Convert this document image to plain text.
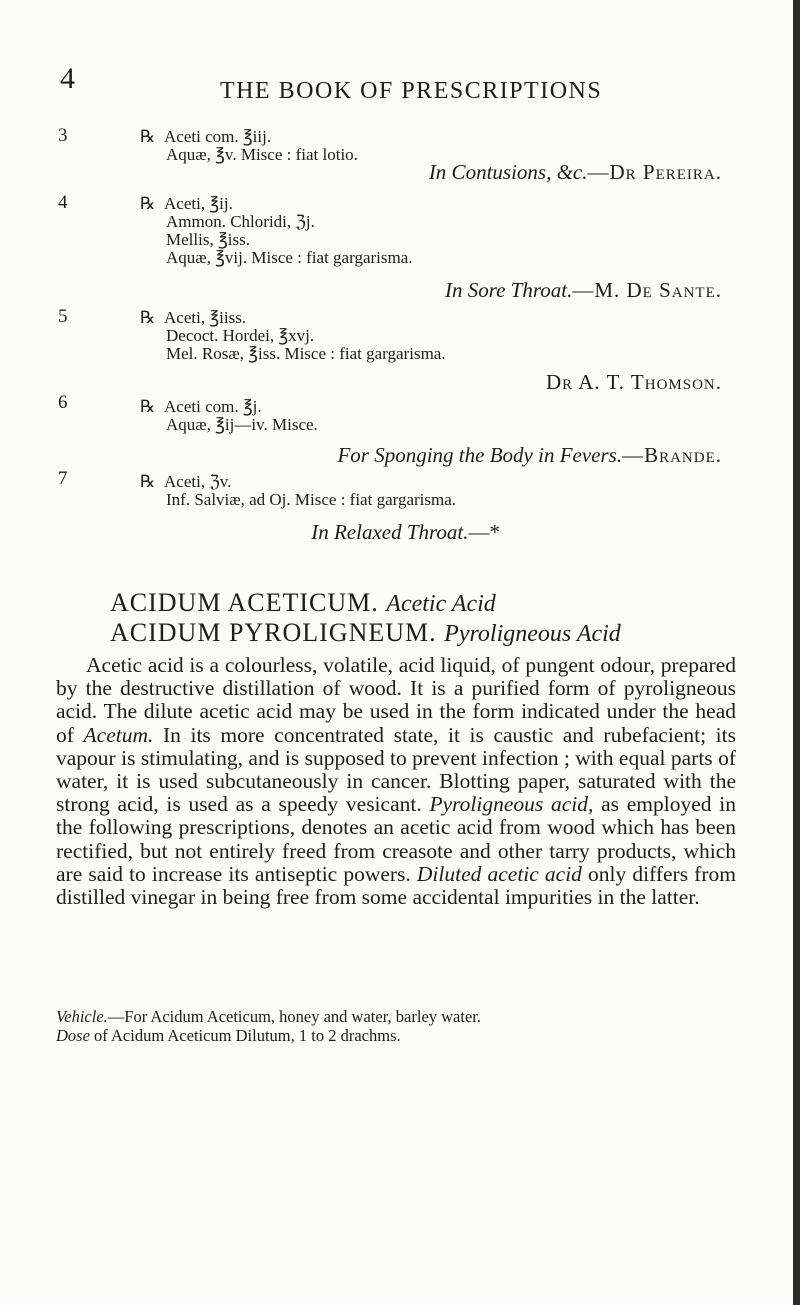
4	THE BOOK OF PRESCRIPTIONS
3	℞ Aceti com. ℥iij.
Aquæ, ℥v. Misce : fiat lotio.
In Contusions, &c.—Dr Pereira.
4	℞ Aceti, ℥ij.
Ammon. Chloridi, ℨj.
Mellis, ℥iss.
Aquæ, ℥vij. Misce : fiat gargarisma.
In Sore Throat.—M. De Sante.
5	℞ Aceti, ℥iiss.
Decoct. Hordei, ℥xvj.
Mel. Rosæ, ℥iss. Misce : fiat gargarisma.
Dr A. T. Thomson.
6	℞ Aceti com. ℥j.
Aquæ, ℥ij—iv. Misce.
For Sponging the Body in Fevers.—Brande.
7	℞ Aceti, ℨv.
Inf. Salviæ, ad Oj. Misce : fiat gargarisma.
In Relaxed Throat.—*
ACIDUM ACETICUM. Acetic Acid
ACIDUM PYROLIGNEUM. Pyroligneous Acid
Acetic acid is a colourless, volatile, acid liquid, of pungent odour, prepared by the destructive distillation of wood. It is a purified form of pyroligneous acid. The dilute acetic acid may be used in the form indicated under the head of Acetum. In its more concentrated state, it is caustic and rubefacient; its vapour is stimulating, and is supposed to prevent infection ; with equal parts of water, it is used subcutaneously in cancer. Blotting paper, saturated with the strong acid, is used as a speedy vesicant. Pyroligneous acid, as employed in the following prescriptions, denotes an acetic acid from wood which has been rectified, but not entirely freed from creasote and other tarry products, which are said to increase its antiseptic powers. Diluted acetic acid only differs from distilled vinegar in being free from some accidental impurities in the latter.
Vehicle.—For Acidum Aceticum, honey and water, barley water.
Dose of Acidum Aceticum Dilutum, 1 to 2 drachms.
